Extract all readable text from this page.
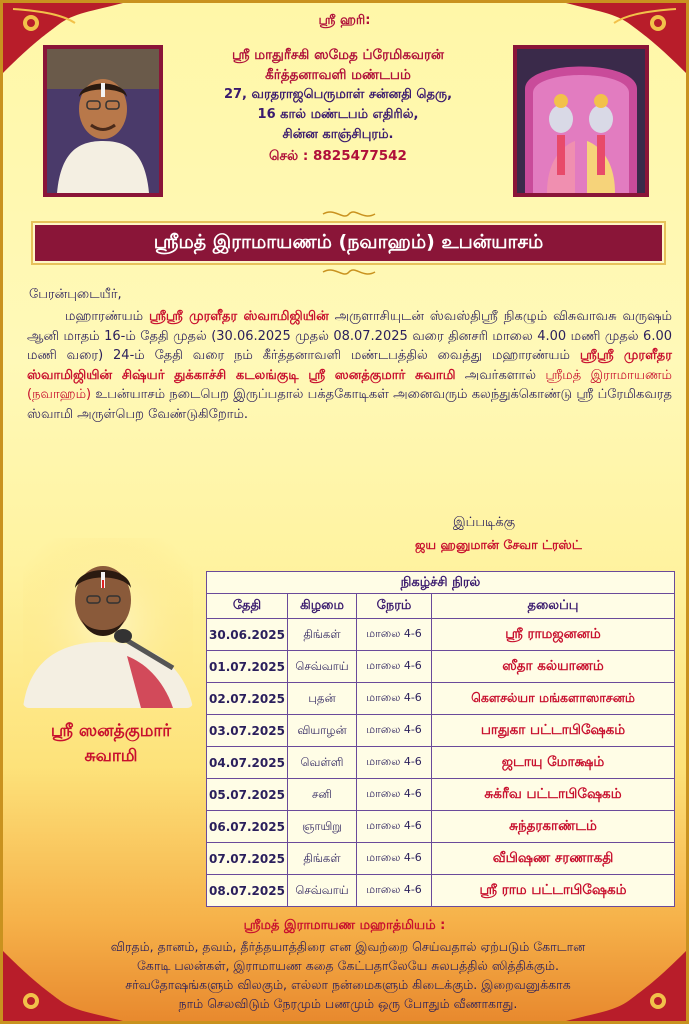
ஸ்ரீ ஹரி:
ஸ்ரீ மாதுரீசகி ஸமேத ப்ரேமிகவரன்
கீர்த்தனாவளி மண்டபம்
27, வரதராஜபெருமாள் சன்னதி தெரு,
16 கால் மண்டபம் எதிரில்,
சின்ன காஞ்சிபுரம்.
செல் : 8825477542
ஸ்ரீமத் இராமாயணம் (நவாஹம்) உபன்யாசம்
பேரன்புடையீர்,
மஹாரண்யம் ஸ்ரீஸ்ரீ முரளீதர ஸ்வாமிஜியின் அருளாசியுடன் ஸ்வஸ்திஸ்ரீ நிகழும் விசுவாவசு வருஷம் ஆனி மாதம் 16-ம் தேதி முதல் (30.06.2025 முதல் 08.07.2025 வரை தினசரி மாலை 4.00 மணி முதல் 6.00 மணி வரை) 24-ம் தேதி வரை நம் கீர்த்தனாவளி மண்டபத்தில் வைத்து மஹாரண்யம் ஸ்ரீஸ்ரீ முரளீதர ஸ்வாமிஜியின் சிஷ்யர் துக்காச்சி கடலங்குடி ஸ்ரீ ஸனத்குமார் சுவாமி அவர்களால் ஸ்ரீமத் இராமாயணம் (நவாஹம்) உபன்யாசம் நடைபெற இருப்பதால் பக்தகோடிகள் அனைவரும் கலந்துக்கொண்டு ஸ்ரீ ப்ரேமிகவரத ஸ்வாமி அருள்பெற வேண்டுகிறோம்.
இப்படிக்கு
ஜய ஹனுமான் சேவா ட்ரஸ்ட்
ஸ்ரீ ஸனத்குமார்
சுவாமி
நிகழ்ச்சி நிரல்			
தேதி	கிழமை	நேரம்	தலைப்பு
30.06.2025	திங்கள்	மாலை 4-6	ஸ்ரீ ராமஜனனம்
01.07.2025	செவ்வாய்	மாலை 4-6	ஸீதா கல்யாணம்
02.07.2025	புதன்	மாலை 4-6	கௌசல்யா மங்களாஸாசனம்
03.07.2025	வியாழன்	மாலை 4-6	பாதுகா பட்டாபிஷேகம்
04.07.2025	வெள்ளி	மாலை 4-6	ஜடாயு மோக்ஷம்
05.07.2025	சனி	மாலை 4-6	சுக்ரீவ பட்டாபிஷேகம்
06.07.2025	ஞாயிறு	மாலை 4-6	சுந்தரகாண்டம்
07.07.2025	திங்கள்	மாலை 4-6	வீபிஷண சரணாகதி
08.07.2025	செவ்வாய்	மாலை 4-6	ஸ்ரீ ராம பட்டாபிஷேகம்
ஸ்ரீமத் இராமாயண மஹாத்மியம் :
விரதம், தானம், தவம், தீர்த்தயாத்திரை என இவற்றை செய்வதால் ஏற்படும் கோடான
கோடி பலன்கள், இராமாயண கதை கேட்பதாலேயே சுலபத்தில் ஸித்திக்கும்.
சர்வதோஷங்களும் விலகும், எல்லா நன்மைகளும் கிடைக்கும். இறைவனுக்காக
நாம் செலவிடும் நேரமும் பணமும் ஒரு போதும் வீணாகாது.
